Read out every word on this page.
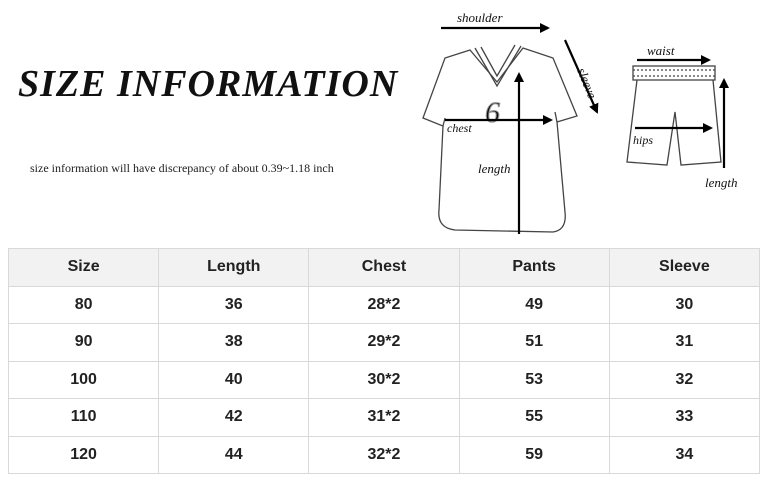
SIZE INFORMATION
size information will have discrepancy of about 0.39~1.18 inch
6
shoulder
sleeve
chest
length
waist
hips
length
Size	Length	Chest	Pants	Sleeve
80	36	28*2	49	30
90	38	29*2	51	31
100	40	30*2	53	32
110	42	31*2	55	33
120	44	32*2	59	34
